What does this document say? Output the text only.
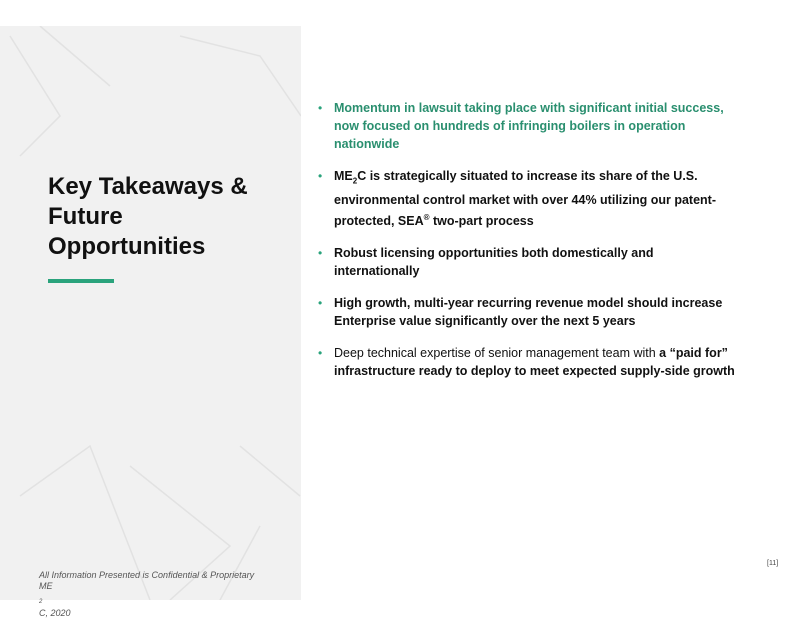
Key Takeaways &
Future
Opportunities
• Momentum in lawsuit taking place with significant initial success, now focused on hundreds of infringing boilers in operation nationwide
• $ME_2C$ is strategically situated to increase its share of the U.S. environmental control market with over 44% utilizing our patent-protected, SEA® two-part process
• Robust licensing opportunities both domestically and internationally
• High growth, multi-year recurring revenue model should increase Enterprise value significantly over the next 5 years
• Deep technical expertise of senior management team with a “paid for” infrastructure ready to deploy to meet expected supply-side growth
All Information Presented is Confidential & Proprietary
ME
$_2$
C, 2020
[11]
